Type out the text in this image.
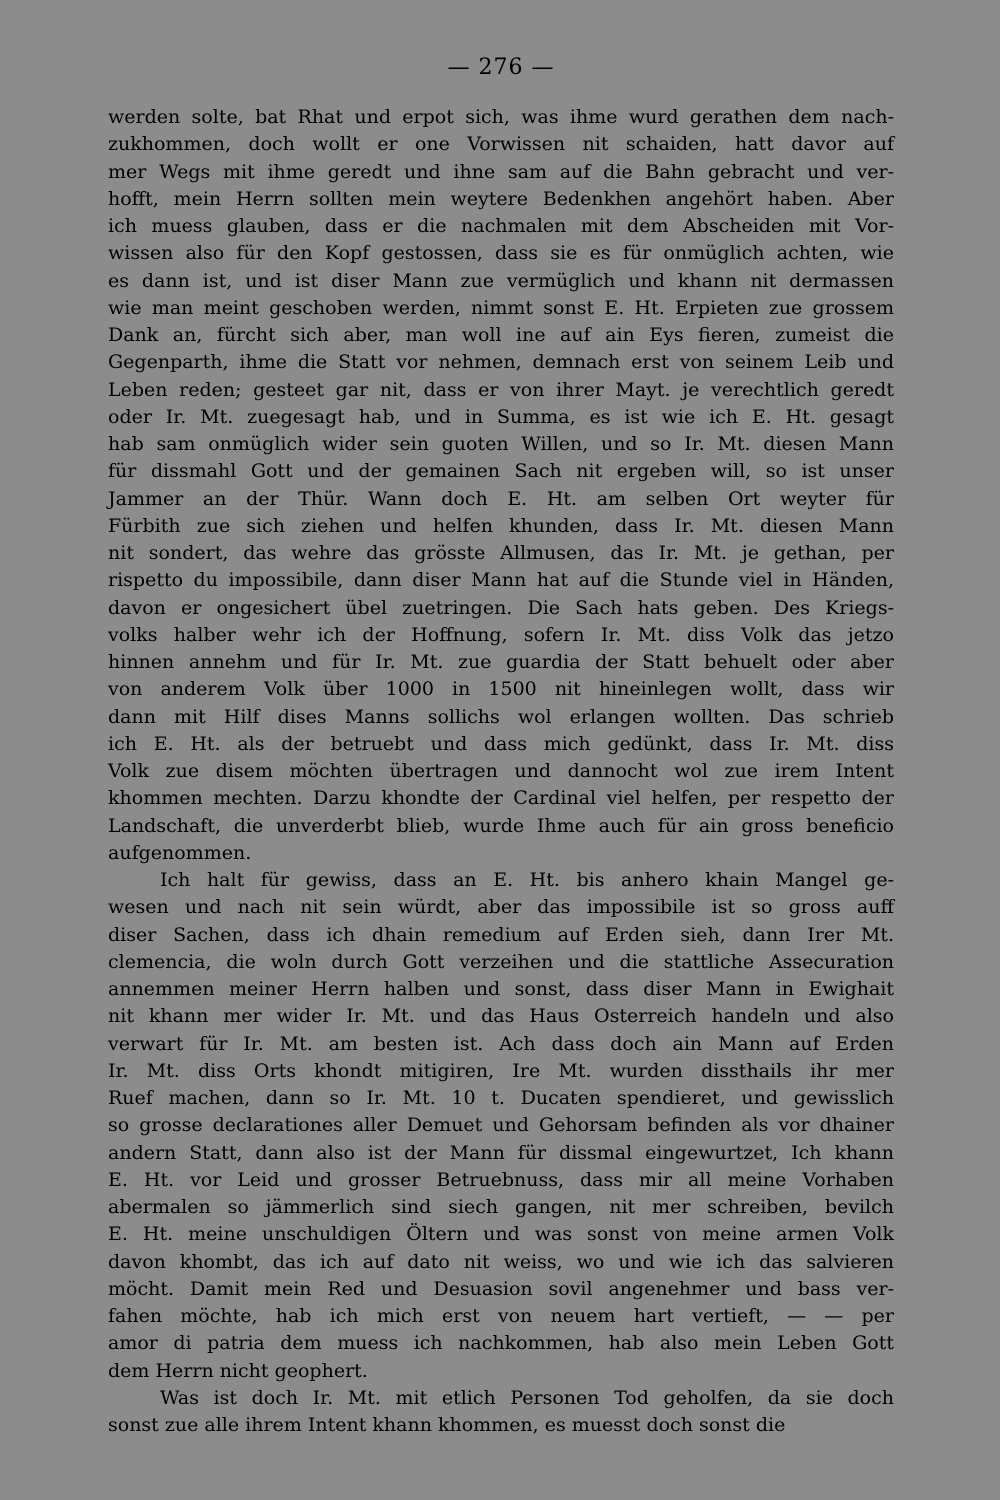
— 276 —
werden solte, bat Rhat und erpot sich, was ihme wurd gerathen dem nach-
zukhommen, doch wollt er one Vorwissen nit schaiden, hatt davor auf
mer Wegs mit ihme geredt und ihne sam auf die Bahn gebracht und ver-
hofft, mein Herrn sollten mein weytere Bedenkhen angehört haben. Aber
ich muess glauben, dass er die nachmalen mit dem Abscheiden mit Vor-
wissen also für den Kopf gestossen, dass sie es für onmüglich achten, wie
es dann ist, und ist diser Mann zue vermüglich und khann nit dermassen
wie man meint geschoben werden, nimmt sonst E. Ht. Erpieten zue grossem
Dank an, fürcht sich aber, man woll ine auf ain Eys fieren, zumeist die
Gegenparth, ihme die Statt vor nehmen, demnach erst von seinem Leib und
Leben reden; gesteet gar nit, dass er von ihrer Mayt. je verechtlich geredt
oder Ir. Mt. zuegesagt hab, und in Summa, es ist wie ich E. Ht. gesagt
hab sam onmüglich wider sein guoten Willen, und so Ir. Mt. diesen Mann
für dissmahl Gott und der gemainen Sach nit ergeben will, so ist unser
Jammer an der Thür. Wann doch E. Ht. am selben Ort weyter für
Fürbith zue sich ziehen und helfen khunden, dass Ir. Mt. diesen Mann
nit sondert, das wehre das grösste Allmusen, das Ir. Mt. je gethan, per
rispetto du impossibile, dann diser Mann hat auf die Stunde viel in Händen,
davon er ongesichert übel zuetringen. Die Sach hats geben. Des Kriegs-
volks halber wehr ich der Hoffnung, sofern Ir. Mt. diss Volk das jetzo
hinnen annehm und für Ir. Mt. zue guardia der Statt behuelt oder aber
von anderem Volk über 1000 in 1500 nit hineinlegen wollt, dass wir
dann mit Hilf dises Manns sollichs wol erlangen wollten. Das schrieb
ich E. Ht. als der betruebt und dass mich gedünkt, dass Ir. Mt. diss
Volk zue disem möchten übertragen und dannocht wol zue irem Intent
khommen mechten. Darzu khondte der Cardinal viel helfen, per respetto der
Landschaft, die unverderbt blieb, wurde Ihme auch für ain gross beneficio
aufgenommen.
Ich halt für gewiss, dass an E. Ht. bis anhero khain Mangel ge-
wesen und nach nit sein würdt, aber das impossibile ist so gross auff
diser Sachen, dass ich dhain remedium auf Erden sieh, dann Irer Mt.
clemencia, die woln durch Gott verzeihen und die stattliche Assecuration
annemmen meiner Herrn halben und sonst, dass diser Mann in Ewighait
nit khann mer wider Ir. Mt. und das Haus Osterreich handeln und also
verwart für Ir. Mt. am besten ist. Ach dass doch ain Mann auf Erden
Ir. Mt. diss Orts khondt mitigiren, Ire Mt. wurden dissthails ihr mer
Ruef machen, dann so Ir. Mt. 10 t. Ducaten spendieret, und gewisslich
so grosse declarationes aller Demuet und Gehorsam befinden als vor dhainer
andern Statt, dann also ist der Mann für dissmal eingewurtzet, Ich khann
E. Ht. vor Leid und grosser Betruebnuss, dass mir all meine Vorhaben
abermalen so jämmerlich sind siech gangen, nit mer schreiben, bevilch
E. Ht. meine unschuldigen Öltern und was sonst von meine armen Volk
davon khombt, das ich auf dato nit weiss, wo und wie ich das salvieren
möcht. Damit mein Red und Desuasion sovil angenehmer und bass ver-
fahen möchte, hab ich mich erst von neuem hart vertieft, — — per
amor di patria dem muess ich nachkommen, hab also mein Leben Gott
dem Herrn nicht geophert.
Was ist doch Ir. Mt. mit etlich Personen Tod geholfen, da sie doch
sonst zue alle ihrem Intent khann khommen, es muesst doch sonst die
